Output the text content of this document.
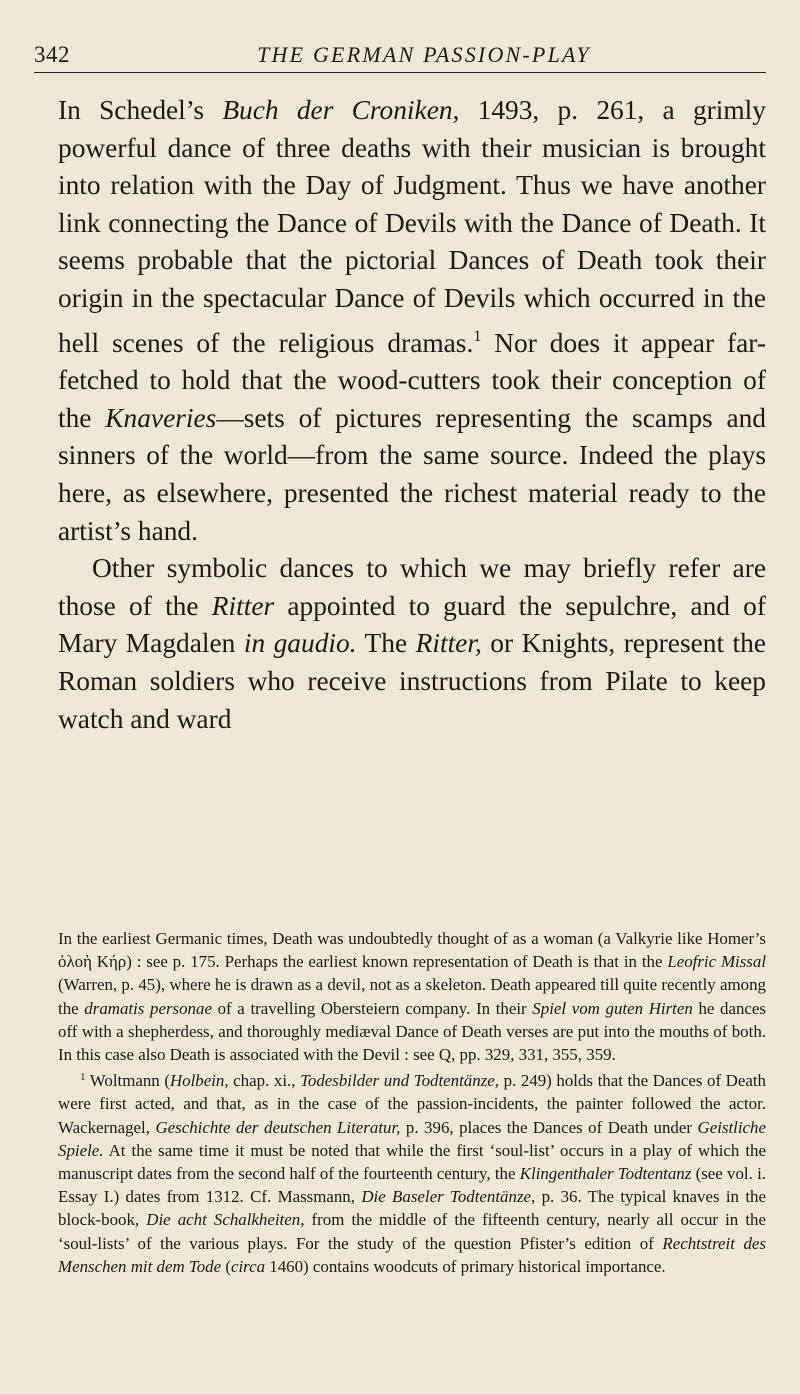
342	THE GERMAN PASSION-PLAY

In Schedel’s Buch der Croniken, 1493, p. 261, a grimly powerful dance of three deaths with their musician is brought into relation with the Day of Judgment. Thus we have another link connecting the Dance of Devils with the Dance of Death. It seems probable that the pictorial Dances of Death took their origin in the spectacular Dance of Devils which occurred in the hell scenes of the religious dramas.$^1$ Nor does it appear far-fetched to hold that the wood-cutters took their conception of the Knaveries—sets of pictures representing the scamps and sinners of the world—from the same source. Indeed the plays here, as elsewhere, presented the richest material ready to the artist’s hand.

Other symbolic dances to which we may briefly refer are those of the Ritter appointed to guard the sepulchre, and of Mary Magdalen in gaudio. The Ritter, or Knights, represent the Roman soldiers who receive instructions from Pilate to keep watch and ward

In the earliest Germanic times, Death was undoubtedly thought of as a woman (a Valkyrie like Homer’s ὀλοὴ Κήρ) : see p. 175. Perhaps the earliest known representation of Death is that in the Leofric Missal (Warren, p. 45), where he is drawn as a devil, not as a skeleton. Death appeared till quite recently among the dramatis personae of a travelling Obersteiern company. In their Spiel vom guten Hirten he dances off with a shepherdess, and thoroughly mediæval Dance of Death verses are put into the mouths of both. In this case also Death is associated with the Devil : see Q, pp. 329, 331, 355, 359.

$^1$ Woltmann (Holbein, chap. xi., Todesbilder und Todtentänze, p. 249) holds that the Dances of Death were first acted, and that, as in the case of the passion-incidents, the painter followed the actor. Wackernagel, Geschichte der deutschen Literatur, p. 396, places the Dances of Death under Geistliche Spiele. At the same time it must be noted that while the first ‘soul-list’ occurs in a play of which the manuscript dates from the second half of the fourteenth century, the Klingenthaler Todtentanz (see vol. i. Essay I.) dates from 1312. Cf. Massmann, Die Baseler Todtentänze, p. 36. The typical knaves in the block-book, Die acht Schalkheiten, from the middle of the fifteenth century, nearly all occur in the ‘soul-lists’ of the various plays. For the study of the question Pfister’s edition of Rechtstreit des Menschen mit dem Tode (circa 1460) contains woodcuts of primary historical importance.
